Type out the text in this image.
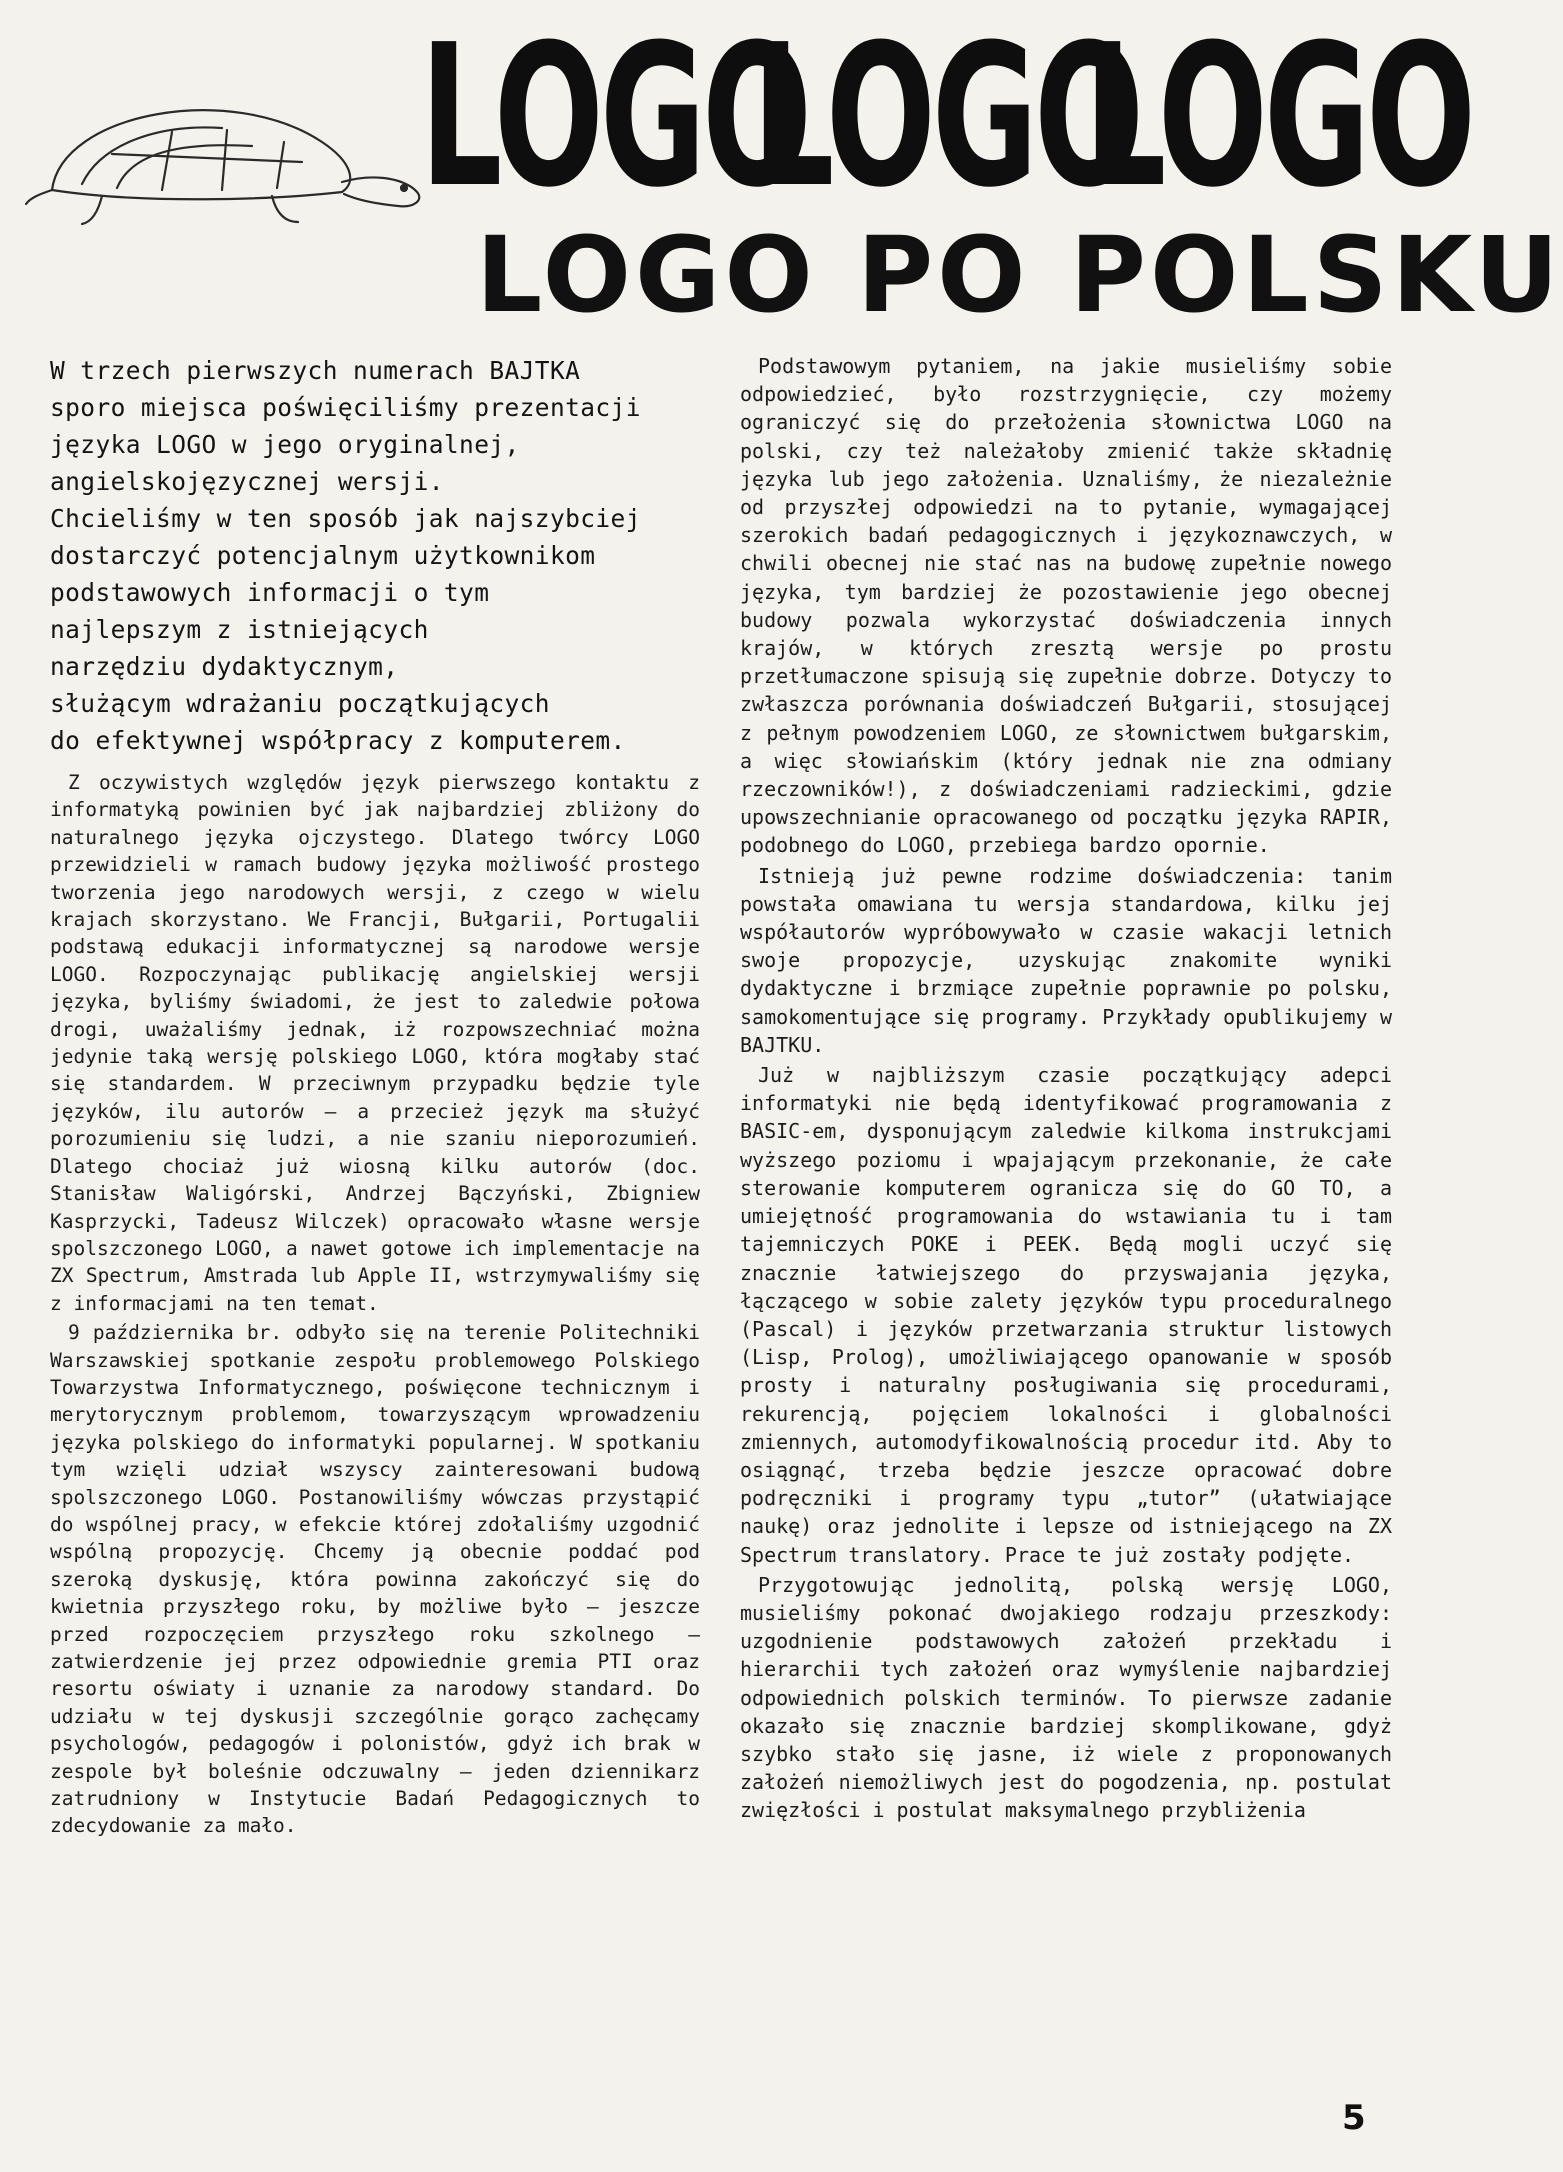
LOGO
LOGO
LOGO
LOGO PO POLSKU
W trzech pierwszych numerach BAJTKA
sporo miejsca poświęciliśmy prezentacji
języka LOGO w jego oryginalnej,
angielskojęzycznej wersji.
Chcieliśmy w ten sposób jak najszybciej
dostarczyć potencjalnym użytkownikom
podstawowych informacji o tym
najlepszym z istniejących
narzędziu dydaktycznym,
służącym wdrażaniu początkujących
do efektywnej współpracy z komputerem.

Z oczywistych względów język pierwszego kontaktu z informatyką powinien być jak najbardziej zbliżony do naturalnego języka ojczystego. Dlatego twórcy LOGO przewidzieli w ramach budowy języka możliwość prostego tworzenia jego narodowych wersji, z czego w wielu krajach skorzystano. We Francji, Bułgarii, Portugalii podstawą edukacji informatycznej są narodowe wersje LOGO. Rozpoczynając publikację angielskiej wersji języka, byliśmy świadomi, że jest to zaledwie połowa drogi, uważaliśmy jednak, iż rozpowszechniać można jedynie taką wersję polskiego LOGO, która mogłaby stać się standardem. W przeciwnym przypadku będzie tyle języków, ilu autorów — a przecież język ma służyć porozumieniu się ludzi, a nie szaniu nieporozumień. Dlatego chociaż już wiosną kilku autorów (doc. Stanisław Waligórski, Andrzej Bączyński, Zbigniew Kasprzycki, Tadeusz Wilczek) opracowało własne wersje spolszczonego LOGO, a nawet gotowe ich implementacje na ZX Spectrum, Amstrada lub Apple II, wstrzymywaliśmy się z informacjami na ten temat.

9 października br. odbyło się na terenie Politechniki Warszawskiej spotkanie zespołu problemowego Polskiego Towarzystwa Informatycznego, poświęcone technicznym i merytorycznym problemom, towarzyszącym wprowadzeniu języka polskiego do informatyki popularnej. W spotkaniu tym wzięli udział wszyscy zainteresowani budową spolszczonego LOGO. Postanowiliśmy wówczas przystąpić do wspólnej pracy, w efekcie której zdołaliśmy uzgodnić wspólną propozycję. Chcemy ją obecnie poddać pod szeroką dyskusję, która powinna zakończyć się do kwietnia przyszłego roku, by możliwe było — jeszcze przed rozpoczęciem przyszłego roku szkolnego — zatwierdzenie jej przez odpowiednie gremia PTI oraz resortu oświaty i uznanie za narodowy standard. Do udziału w tej dyskusji szczególnie gorąco zachęcamy psychologów, pedagogów i polonistów, gdyż ich brak w zespole był boleśnie odczuwalny — jeden dziennikarz zatrudniony w Instytucie Badań Pedagogicznych to zdecydowanie za mało.

Podstawowym pytaniem, na jakie musieliśmy sobie odpowiedzieć, było rozstrzygnięcie, czy możemy ograniczyć się do przełożenia słownictwa LOGO na polski, czy też należałoby zmienić także składnię języka lub jego założenia. Uznaliśmy, że niezależnie od przyszłej odpowiedzi na to pytanie, wymagającej szerokich badań pedagogicznych i językoznawczych, w chwili obecnej nie stać nas na budowę zupełnie nowego języka, tym bardziej że pozostawienie jego obecnej budowy pozwala wykorzystać doświadczenia innych krajów, w których zresztą wersje po prostu przetłumaczone spisują się zupełnie dobrze. Dotyczy to zwłaszcza porównania doświadczeń Bułgarii, stosującej z pełnym powodzeniem LOGO, ze słownictwem bułgarskim, a więc słowiańskim (który jednak nie zna odmiany rzeczowników!), z doświadczeniami radzieckimi, gdzie upowszechnianie opracowanego od początku języka RAPIR, podobnego do LOGO, przebiega bardzo opornie.

Istnieją już pewne rodzime doświadczenia: tanim powstała omawiana tu wersja standardowa, kilku jej współautorów wypróbowywało w czasie wakacji letnich swoje propozycje, uzyskując znakomite wyniki dydaktyczne i brzmiące zupełnie poprawnie po polsku, samokomentujące się programy. Przykłady opublikujemy w BAJTKU.

Już w najbliższym czasie początkujący adepci informatyki nie będą identyfikować programowania z BASIC-em, dysponującym zaledwie kilkoma instrukcjami wyższego poziomu i wpajającym przekonanie, że całe sterowanie komputerem ogranicza się do GO TO, a umiejętność programowania do wstawiania tu i tam tajemniczych POKE i PEEK. Będą mogli uczyć się znacznie łatwiejszego do przyswajania języka, łączącego w sobie zalety języków typu proceduralnego (Pascal) i języków przetwarzania struktur listowych (Lisp, Prolog), umożliwiającego opanowanie w sposób prosty i naturalny posługiwania się procedurami, rekurencją, pojęciem lokalności i globalności zmiennych, automodyfikowalnością procedur itd. Aby to osiągnąć, trzeba będzie jeszcze opracować dobre podręczniki i programy typu „tutor” (ułatwiające naukę) oraz jednolite i lepsze od istniejącego na ZX Spectrum translatory. Prace te już zostały podjęte.

Przygotowując jednolitą, polską wersję LOGO, musieliśmy pokonać dwojakiego rodzaju przeszkody: uzgodnienie podstawowych założeń przekładu i hierarchii tych założeń oraz wymyślenie najbardziej odpowiednich polskich terminów. To pierwsze zadanie okazało się znacznie bardziej skomplikowane, gdyż szybko stało się jasne, iż wiele z proponowanych założeń niemożliwych jest do pogodzenia, np. postulat zwięzłości i postulat maksymalnego przybliżenia

5
